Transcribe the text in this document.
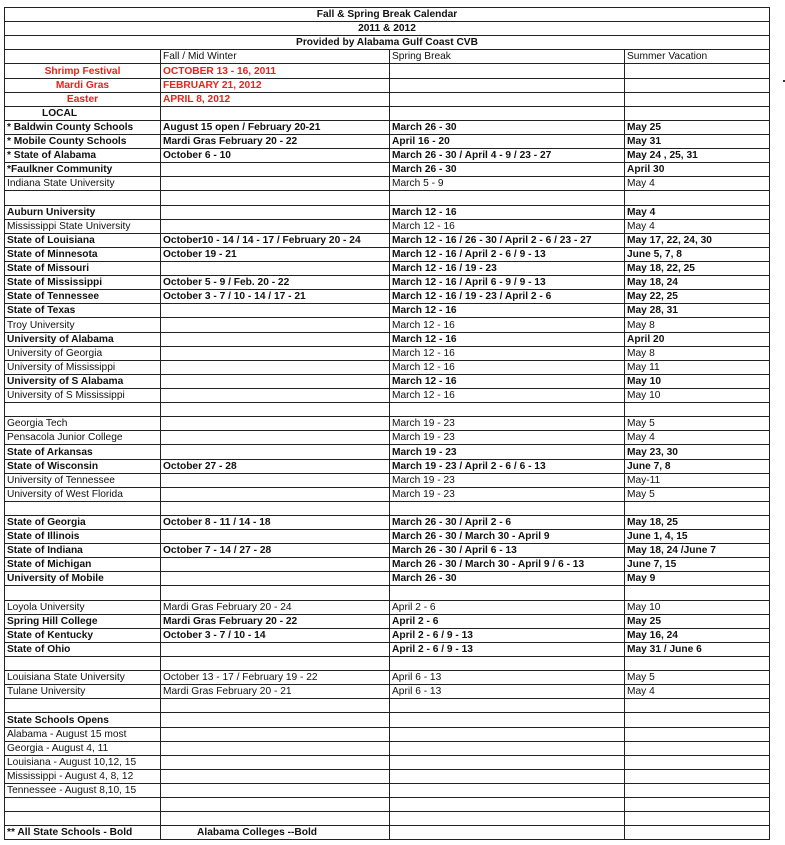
Fall & Spring Break Calendar			
2011 & 2012			
Provided by Alabama Gulf Coast CVB			
	Fall / Mid Winter	Spring Break	Summer Vacation
Shrimp Festival	OCTOBER 13 - 16, 2011		
Mardi Gras	FEBRUARY 21, 2012		
Easter	APRIL 8, 2012		
LOCAL			
* Baldwin County Schools	August 15 open / February 20-21	March 26 - 30	May 25
* Mobile County Schools	Mardi Gras February 20 - 22	April 16 - 20	May 31
* State of Alabama	October 6 - 10	March 26 - 30 / April 4 - 9 / 23 - 27	May 24 , 25, 31
*Faulkner Community		March 26 - 30	April 30
Indiana State University		March 5 - 9	May 4

Auburn University		March 12 - 16	May 4
Mississippi State University		March 12 - 16	May 4
State of Louisiana	October10 - 14 / 14 - 17 / February 20 - 24	March 12 - 16 / 26 - 30 / April 2 - 6 / 23 - 27	May 17, 22, 24, 30
State of Minnesota	October 19 - 21	March 12 - 16 / April 2 - 6 / 9 - 13	June 5, 7, 8
State of Missouri		March 12 - 16 / 19 - 23	May 18, 22, 25
State of Mississippi	October 5 - 9 / Feb. 20 - 22	March 12 - 16 / April 6 - 9 / 9 - 13	May 18, 24
State of Tennessee	October 3 - 7 / 10 - 14 / 17 - 21	March 12 - 16 / 19 - 23 / April 2 - 6	May 22, 25
State of Texas		March 12 - 16	May 28, 31
Troy University		March 12 - 16	May 8
University of Alabama		March 12 - 16	April 20
University of Georgia		March 12 - 16	May 8
University of Mississippi		March 12 - 16	May 11
University of S Alabama		March 12 - 16	May 10
University of S Mississippi		March 12 - 16	May 10

Georgia Tech		March 19 - 23	May 5
Pensacola Junior College		March 19 - 23	May 4
State of Arkansas		March 19 - 23	May 23, 30
State of Wisconsin	October 27 - 28	March 19 - 23 / April 2 - 6 / 6 - 13	June 7, 8
University of Tennessee		March 19 - 23	May-11
University of West Florida		March 19 - 23	May 5

State of Georgia	October 8 - 11 / 14 - 18	March 26 - 30 / April 2 - 6	May 18, 25
State of Illinois		March 26 - 30 / March 30 - April 9	June 1, 4, 15
State of Indiana	October 7 - 14 / 27 - 28	March 26 - 30 / April 6 - 13	May 18, 24 /June 7
State of Michigan		March 26 - 30 / March 30 - April 9 / 6 - 13	June 7, 15
University of Mobile		March 26 - 30	May 9

Loyola University	Mardi Gras February 20 - 24	April 2 - 6	May 10
Spring Hill College	Mardi Gras February 20 - 22	April 2 - 6	May 25
State of Kentucky	October 3 - 7 / 10 - 14	April 2 - 6 / 9 - 13	May 16, 24
State of Ohio		April 2 - 6 / 9 - 13	May 31 / June 6

Louisiana State University	October 13 - 17 / February 19 - 22	April 6 - 13	May 5
Tulane University	Mardi Gras February 20 - 21	April 6 - 13	May 4

State Schools Opens			
Alabama - August 15 most			
Georgia - August 4, 11			
Louisiana - August 10,12, 15			
Mississippi - August 4, 8, 12			
Tennessee - August 8,10, 15			

** All State Schools - Bold	Alabama Colleges --Bold		
